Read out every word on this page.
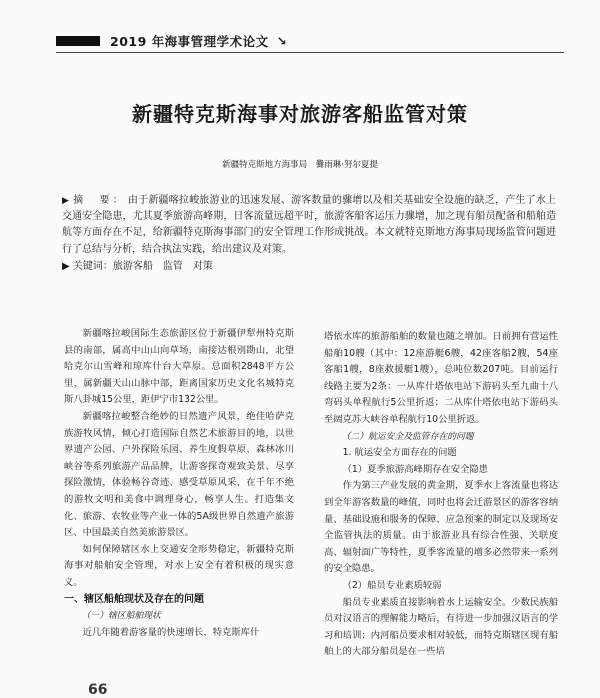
2019 年海事管理学术论文 ↘
新疆特克斯海事对旅游客船监管对策
新疆特克斯地方海事局　爨雨琳·努尔夏提
▶ 摘　要： 由于新疆喀拉峻旅游业的迅速发展、游客数量的骤增以及相关基础安全设施的缺乏，产生了水上交通安全隐患，尤其夏季旅游高峰期，日客流量远超平时，旅游客船客运压力骤增，加之现有船员配备和船舶造航等方面存在不足，给新疆特克斯海事部门的安全管理工作形成挑战。本文就特克斯地方海事局现场监管问题进行了总结与分析，结合执法实践，给出建议及对策。
▶ 关键词：旅游客船　监管　对策

新疆喀拉峻国际生态旅游区位于新疆伊犁州特克斯县的南部，属高中山山向草场，南接达根别勘山，北望哈克尔山雪峰和琼库什台大草原。总面积2848平方公里，属新疆天山山脉中部，距离国家历史文化名城特克斯八卦城15公里，距伊宁市132公里。

新疆喀拉峻整合绝妙的日然遗产风景，绝佳哈萨克族游牧风情，倾心打造国际自然艺术旅游目的地，以世界遗产公园、户外探险乐园、养生度假草原、森林冰川峡谷等系列旅游产品品牌，让游客探奇观致美景、尽享探险激情，体验畅谷奇迹、感受草原风采，在千年不绝的游牧文明和美食中调理身心，畅享人生。打造集文化、旅游、农牧业等产业一体的5A级世界自然遗产旅游区、中国最美自然美旅游景区。

如何保障辖区水上交通安全形势稳定，新疆特克斯海事对船舶安全管理，对水上安全有着积极的现实意义。

一、辖区船舶现状及存在的问题

（一）辖区船舶现状

近几年随着游客量的快速增长，特克斯库什

塔依水库的旅游船舶的数量也随之增加。日前拥有营运性船舶10艘（其中：12座游艇6艘，42座客船2艘，54座客船1艘，8座救援艇1艘），总吨位数207吨。目前运行线路主要为2条：一从库什塔依电站下游码头至九曲十八弯码头单程航行5公里折返；二从库什塔依电站下游码头至阔克苏大峡谷单程航行10公里折返。

（二）航运安全及监管存在的问题

1. 航运安全方面存在的问题

（1）夏季旅游高峰期存在安全隐患

作为第三产业发展的黄金期，夏季水上客流量也将达到全年游客数量的峰值，同时也将会迁游景区的游客容纳量、基础设施和服务的保障、应急预案的制定以及现场安全监管执法的质量。由于旅游业具有综合性强、关联度高、辐射面广等特性，夏季客流量的增多必然带来一系列的安全隐患。

（2）船员专业素质较弱

船员专业素质直接影响着水上运输安全。少数民族船员对汉语言的理解能力略后，有待进一步加强汉语言的学习和培训；内河船员要求相对较低，而特克斯辖区现有船舶上的大部分船员是在一些培

66
